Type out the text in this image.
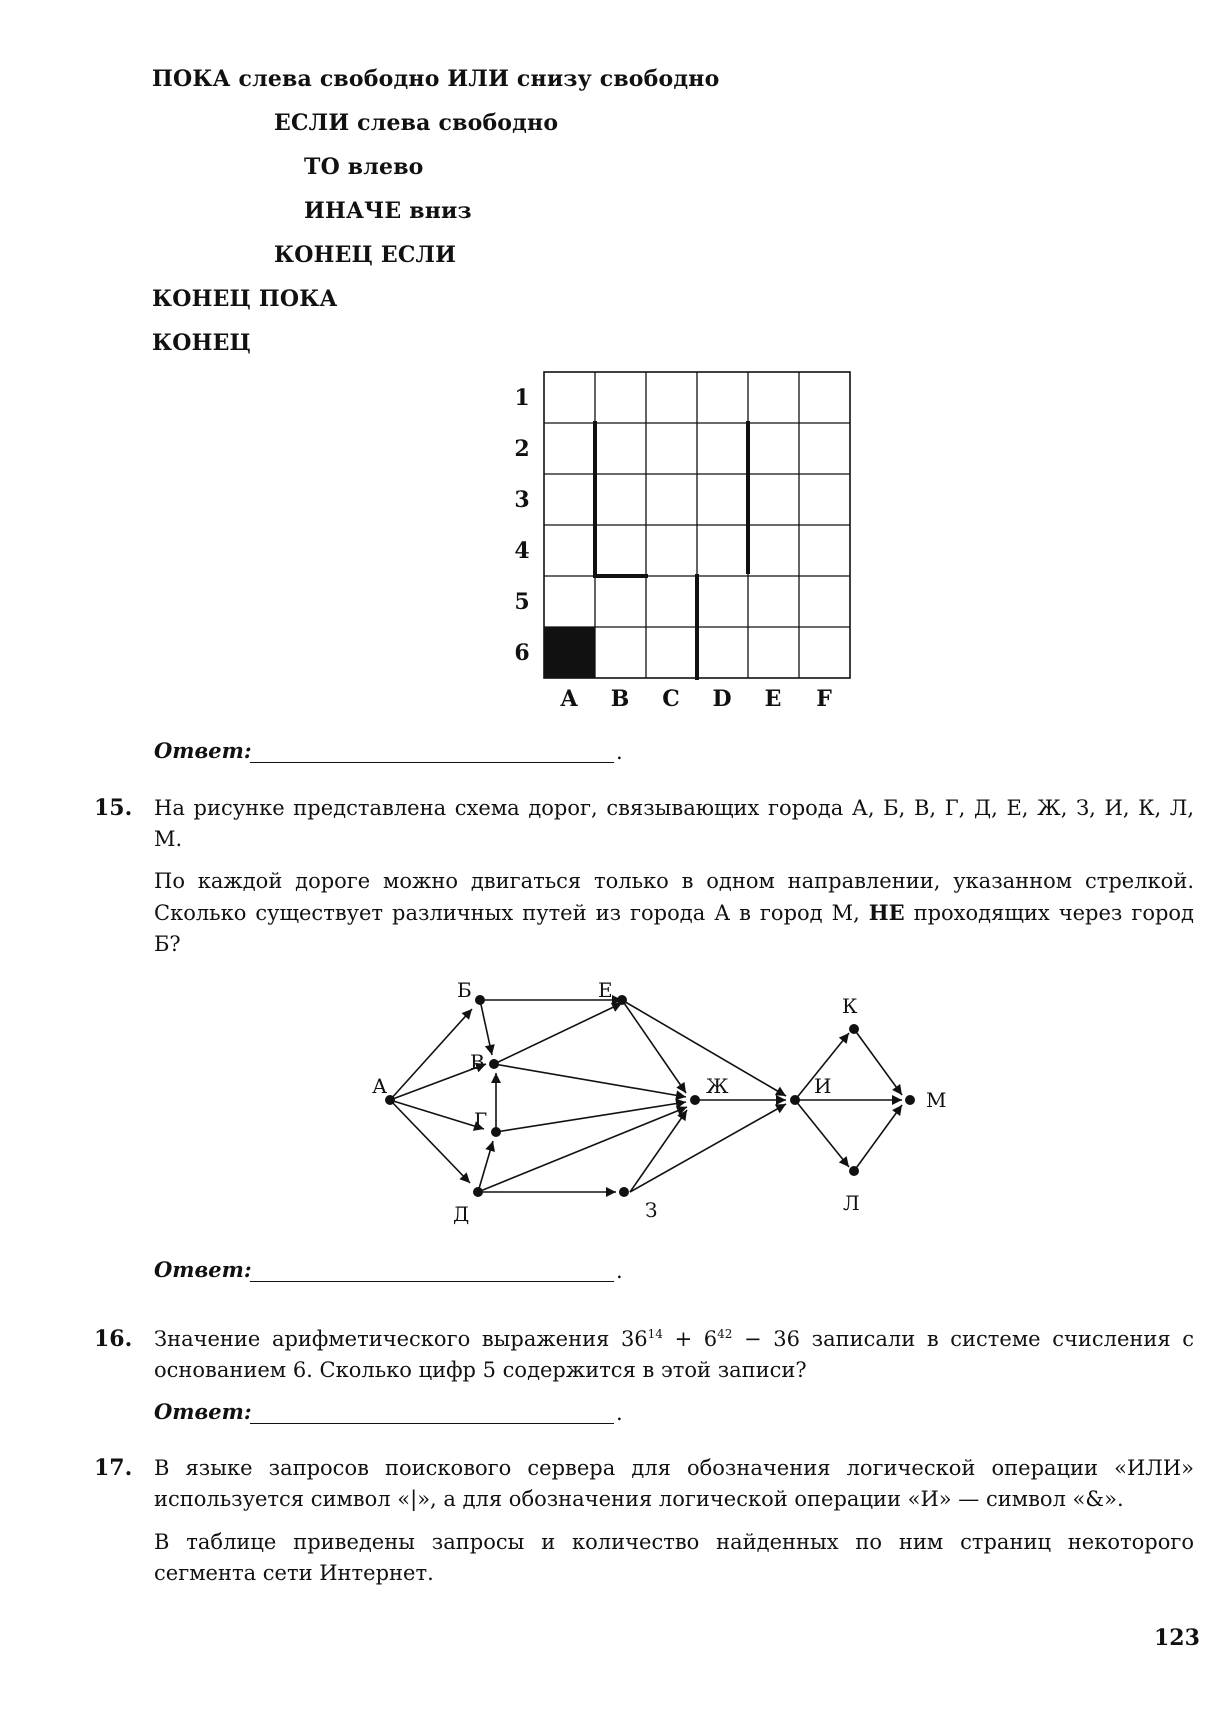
ПОКА слева свободно ИЛИ снизу свободно
ЕСЛИ слева свободно
ТО влево
ИНАЧЕ вниз
КОНЕЦ ЕСЛИ
КОНЕЦ ПОКА
КОНЕЦ
1
2
3
4
5
6
A B C D E F
Ответ:	.
15. На рисунке представлена схема дорог, связывающих города А, Б, В, Г, Д, Е, Ж, З, И, К, Л, М.
По каждой дороге можно двигаться только в одном направлении, указанном стрелкой. Сколько существует различных путей из города А в город М, НЕ проходящих через город Б?
А
Б
В
Г
Д
Е
Ж
З
И
К
Л
М
Ответ:	.
16. Значение арифметического выражения $36^{14} + 6^{42} - 36$ записали в системе счисления с основанием 6. Сколько цифр 5 содержится в этой записи?
Ответ:	.
17. В языке запросов поискового сервера для обозначения логической операции «ИЛИ» используется символ «|», а для обозначения логической операции «И» — символ «&».
В таблице приведены запросы и количество найденных по ним страниц некоторого сегмента сети Интернет.
123
